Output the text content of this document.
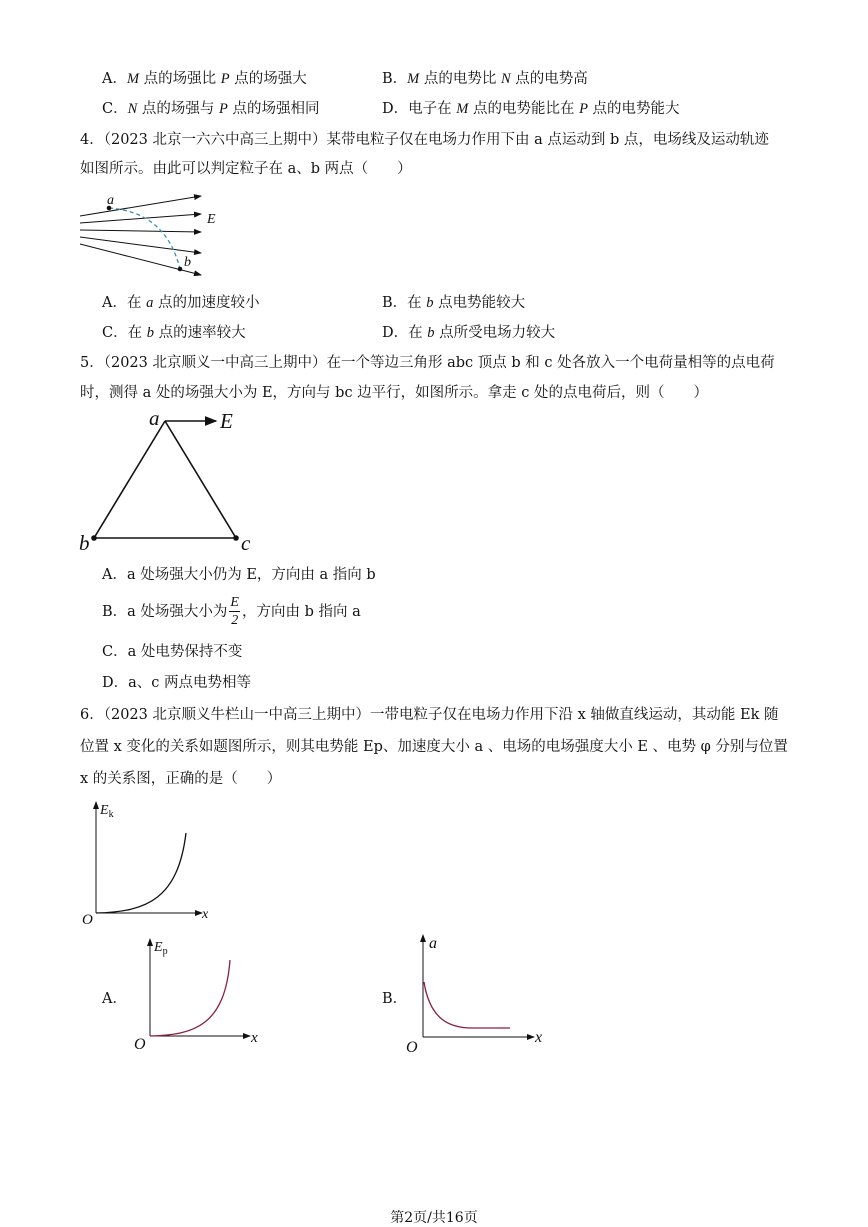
A．M 点的场强比 P 点的场强大	B．M 点的电势比 N 点的电势高
C．N 点的场强与 P 点的场强相同	D．电子在 M 点的电势能比在 P 点的电势能大
4．（2023 北京一六六中高三上期中）某带电粒子仅在电场力作用下由 a 点运动到 b 点，电场线及运动轨迹
如图所示。由此可以判定粒子在 a、b 两点（　　）
a
b
E
A．在 a 点的加速度较小	B．在 b 点电势能较大
C．在 b 点的速率较大	D．在 b 点所受电场力较大
5．（2023 北京顺义一中高三上期中）在一个等边三角形 abc 顶点 b 和 c 处各放入一个电荷量相等的点电荷
时，测得 a 处的场强大小为 E，方向与 bc 边平行，如图所示。拿走 c 处的点电荷后，则（　　）
a	E
b	c
A．a 处场强大小仍为 E，方向由 a 指向 b
B．a 处场强大小为 $\frac{E}{2}$ ，方向由 b 指向 a
C．a 处电势保持不变
D．a、c 两点电势相等
6．（2023 北京顺义牛栏山一中高三上期中）一带电粒子仅在电场力作用下沿 x 轴做直线运动，其动能 Ek 随
位置 x 变化的关系如题图所示，则其电势能 Ep、加速度大小 a 、电场的电场强度大小 E 、电势 φ 分别与位置
x 的关系图，正确的是（　　）
$E_k$
x
O
A．
$E_p$
x
O
B．
a
x
O
第2页/共16页
